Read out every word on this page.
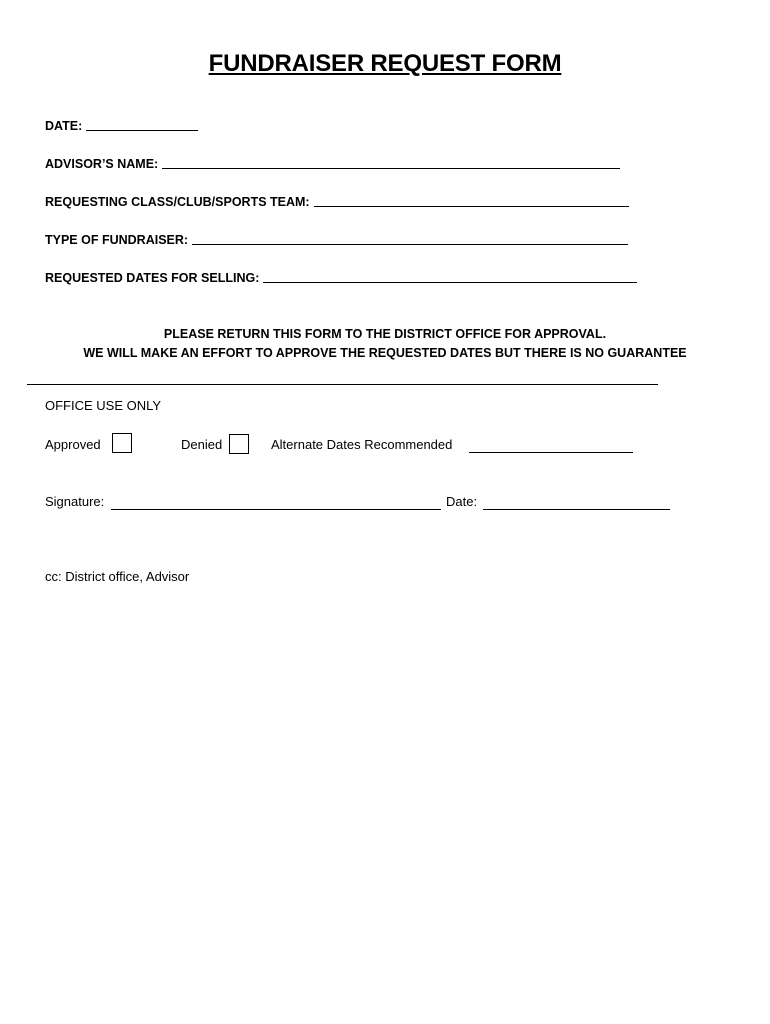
FUNDRAISER REQUEST FORM
DATE:
ADVISOR’S NAME:
REQUESTING CLASS/CLUB/SPORTS TEAM:
TYPE OF FUNDRAISER:
REQUESTED DATES FOR SELLING:
PLEASE RETURN THIS FORM TO THE DISTRICT OFFICE FOR APPROVAL.
WE WILL MAKE AN EFFORT TO APPROVE THE REQUESTED DATES BUT THERE IS NO GUARANTEE
OFFICE USE ONLY
Approved	Denied	Alternate Dates Recommended
Signature:	Date:
cc: District office, Advisor
